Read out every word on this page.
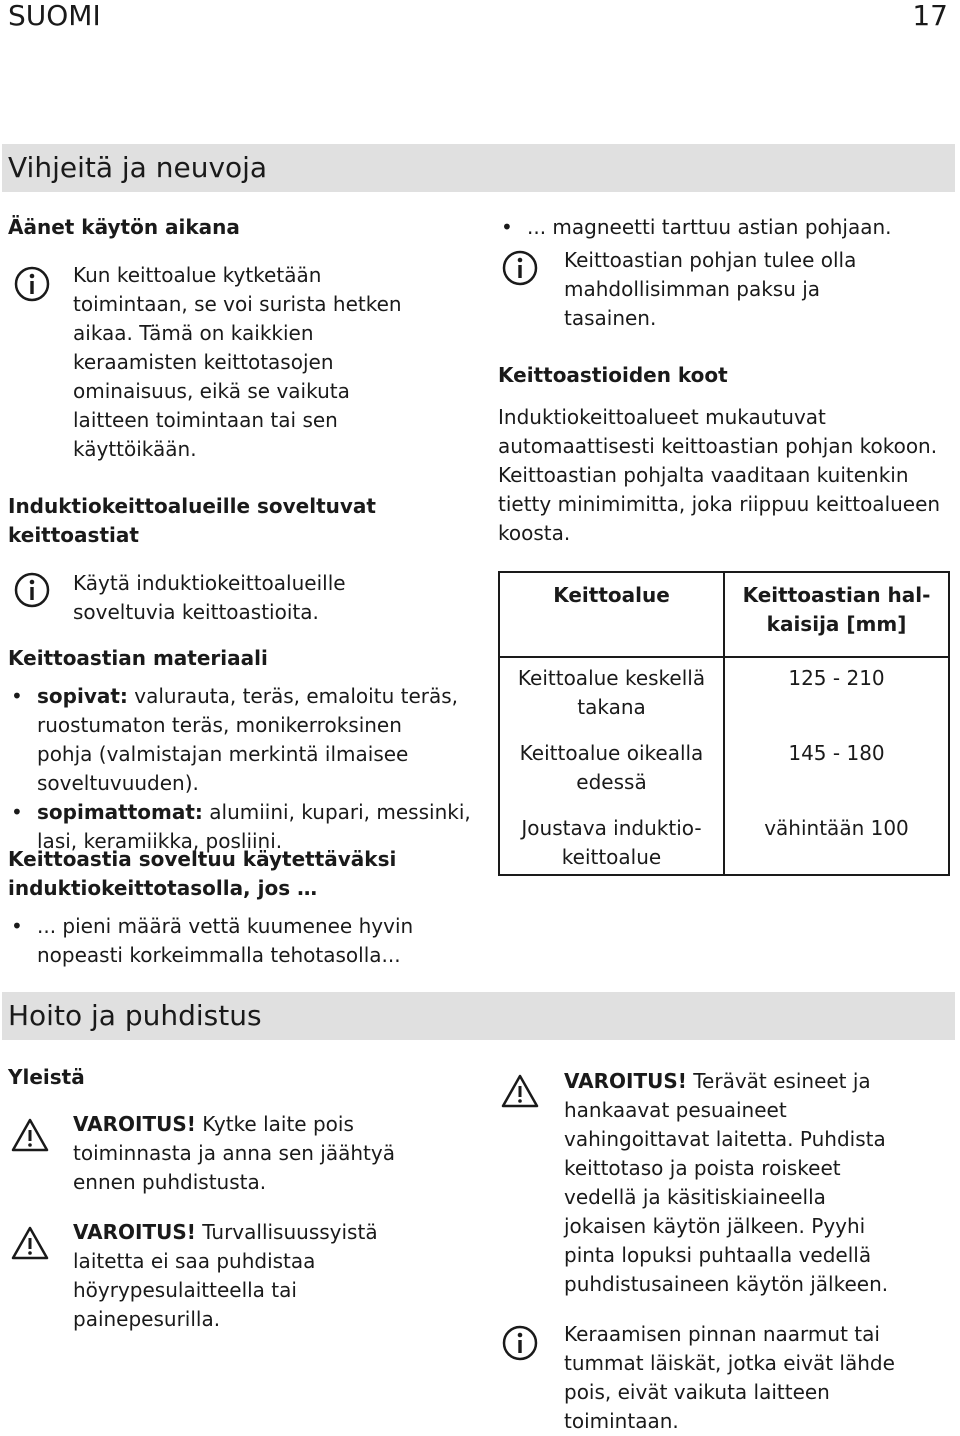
SUOMI	17
Vihjeitä ja neuvoja
Äänet käytön aikana
Kun keittoalue kytketään
toimintaan, se voi surista hetken
aikaa. Tämä on kaikkien
keraamisten keittotasojen
ominaisuus, eikä se vaikuta
laitteen toimintaan tai sen
käyttöikään.
Induktiokeittoalueille soveltuvat
keittoastiat
Käytä induktiokeittoalueille
soveltuvia keittoastioita.
Keittoastian materiaali
• sopivat: valurauta, teräs, emaloitu teräs,
ruostumaton teräs, monikerroksinen
pohja (valmistajan merkintä ilmaisee
soveltuvuuden).
• sopimattomat: alumiini, kupari, messinki,
lasi, keramiikka, posliini.
Keittoastia soveltuu käytettäväksi
induktiokeittotasolla, jos …
• ... pieni määrä vettä kuumenee hyvin
nopeasti korkeimmalla tehotasolla...
• ... magneetti tarttuu astian pohjaan.
Keittoastian pohjan tulee olla
mahdollisimman paksu ja
tasainen.
Keittoastioiden koot
Induktiokeittoalueet mukautuvat
automaattisesti keittoastian pohjan kokoon.
Keittoastian pohjalta vaaditaan kuitenkin
tietty minimimitta, joka riippuu keittoalueen
koosta.
Keittoalue	Keittoastian hal-
kaisija [mm]
Keittoalue keskellä
takana	125 - 210
Keittoalue oikealla
edessä	145 - 180
Joustava induktio-
keittoalue	vähintään 100
Hoito ja puhdistus
Yleistä
VAROITUS! Kytke laite pois
toiminnasta ja anna sen jäähtyä
ennen puhdistusta.
VAROITUS! Turvallisuussyistä
laitetta ei saa puhdistaa
höyrypesulaitteella tai
painepesurilla.
VAROITUS! Terävät esineet ja
hankaavat pesuaineet
vahingoittavat laitetta. Puhdista
keittotaso ja poista roiskeet
vedellä ja käsitiskiaineella
jokaisen käytön jälkeen. Pyyhi
pinta lopuksi puhtaalla vedellä
puhdistusaineen käytön jälkeen.
Keraamisen pinnan naarmut tai
tummat läiskät, jotka eivät lähde
pois, eivät vaikuta laitteen
toimintaan.
